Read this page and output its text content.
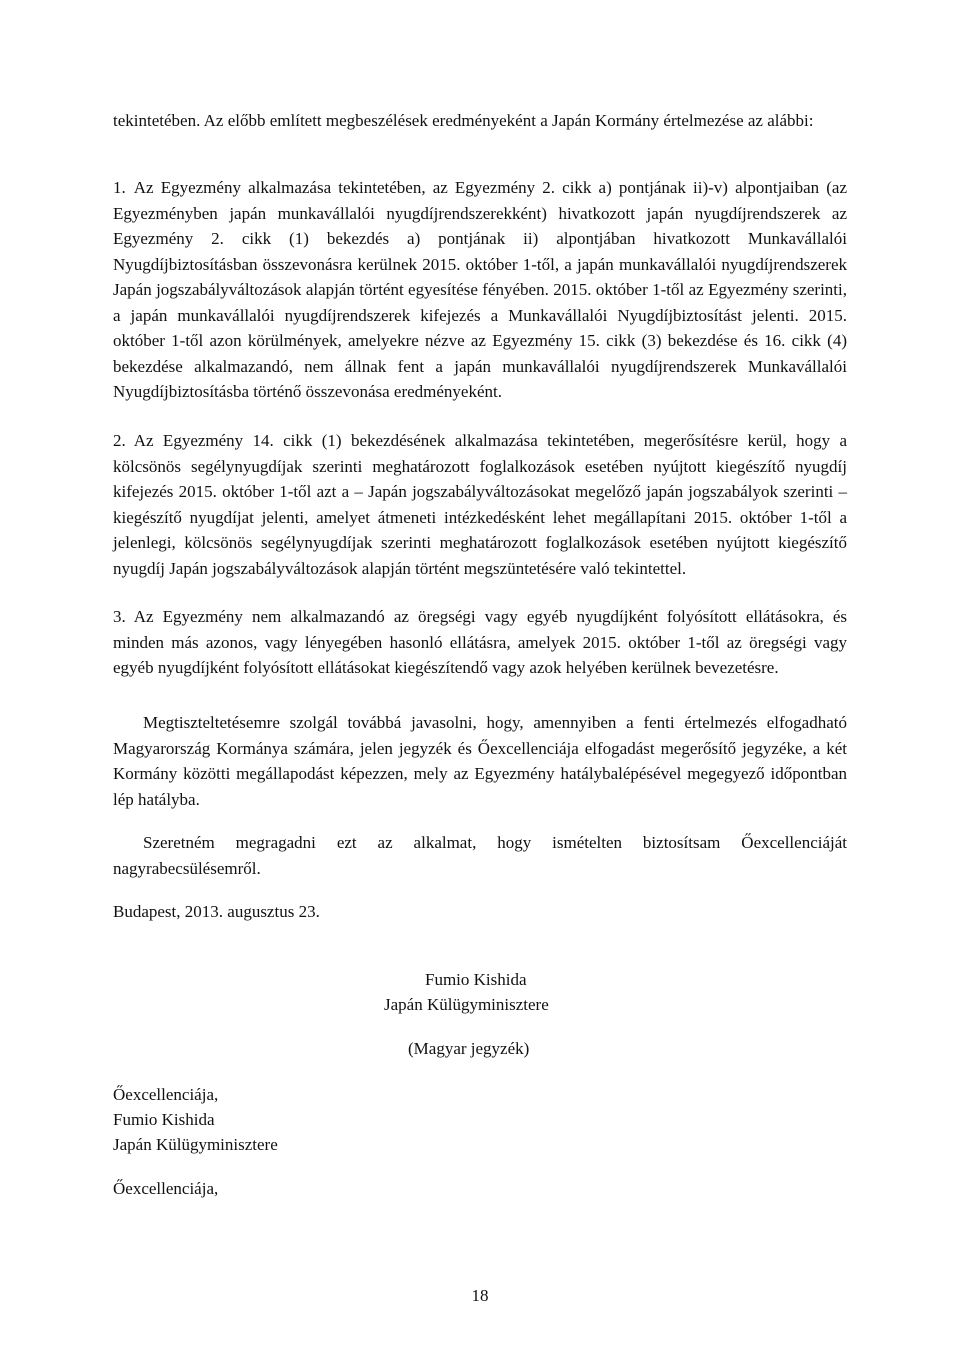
tekintetében. Az előbb említett megbeszélések eredményeként a Japán Kormány értelmezése az alábbi:

1. Az Egyezmény alkalmazása tekintetében, az Egyezmény 2. cikk a) pontjának ii)-v) alpontjaiban (az Egyezményben japán munkavállalói nyugdíjrendszerekként) hivatkozott japán nyugdíjrendszerek az Egyezmény 2. cikk (1) bekezdés a) pontjának ii) alpontjában hivatkozott Munkavállalói Nyugdíjbiztosításban összevonásra kerülnek 2015. október 1-től, a japán munkavállalói nyugdíjrendszerek Japán jogszabályváltozások alapján történt egyesítése fényében. 2015. október 1-től az Egyezmény szerinti, a japán munkavállalói nyugdíjrendszerek kifejezés a Munkavállalói Nyugdíjbiztosítást jelenti. 2015. október 1-től azon körülmények, amelyekre nézve az Egyezmény 15. cikk (3) bekezdése és 16. cikk (4) bekezdése alkalmazandó, nem állnak fent a japán munkavállalói nyugdíjrendszerek Munkavállalói Nyugdíjbiztosításba történő összevonása eredményeként.

2. Az Egyezmény 14. cikk (1) bekezdésének alkalmazása tekintetében, megerősítésre kerül, hogy a kölcsönös segélynyugdíjak szerinti meghatározott foglalkozások esetében nyújtott kiegészítő nyugdíj kifejezés 2015. október 1-től azt a – Japán jogszabályváltozásokat megelőző japán jogszabályok szerinti – kiegészítő nyugdíjat jelenti, amelyet átmeneti intézkedésként lehet megállapítani 2015. október 1-től a jelenlegi, kölcsönös segélynyugdíjak szerinti meghatározott foglalkozások esetében nyújtott kiegészítő nyugdíj Japán jogszabályváltozások alapján történt megszüntetésére való tekintettel.

3. Az Egyezmény nem alkalmazandó az öregségi vagy egyéb nyugdíjként folyósított ellátásokra, és minden más azonos, vagy lényegében hasonló ellátásra, amelyek 2015. október 1-től az öregségi vagy egyéb nyugdíjként folyósított ellátásokat kiegészítendő vagy azok helyében kerülnek bevezetésre.

Megtiszteltetésemre szolgál továbbá javasolni, hogy, amennyiben a fenti értelmezés elfogadható Magyarország Kormánya számára, jelen jegyzék és Őexcellenciája elfogadást megerősítő jegyzéke, a két Kormány közötti megállapodást képezzen, mely az Egyezmény hatálybalépésével megegyező időpontban lép hatályba.

Szeretném megragadni ezt az alkalmat, hogy ismételten biztosítsam Őexcellenciáját nagyrabecsülésemről.

Budapest, 2013. augusztus 23.

Fumio Kishida

Japán Külügyminisztere

(Magyar jegyzék)

Őexcellenciája,

Fumio Kishida

Japán Külügyminisztere

Őexcellenciája,

18
